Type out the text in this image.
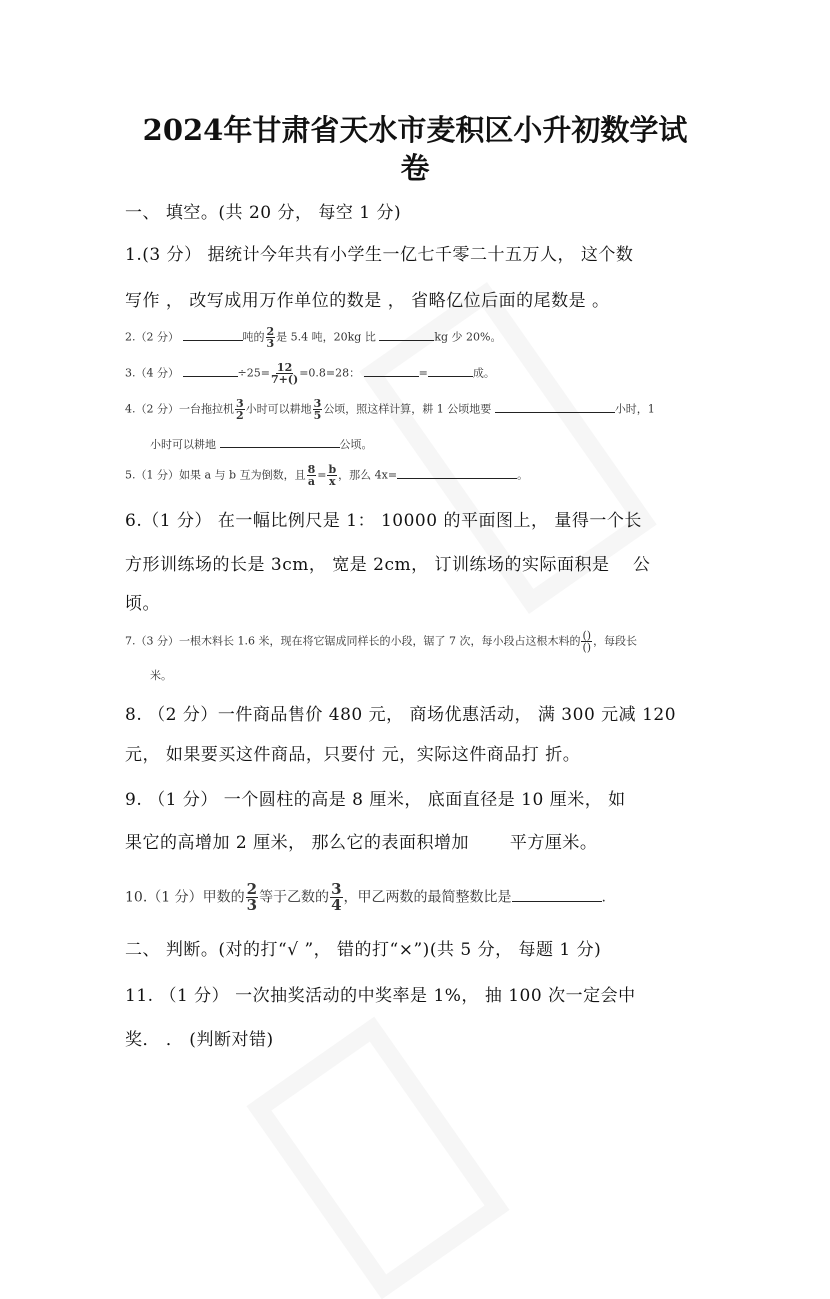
2024年甘肃省天水市麦积区小升初数学试
卷
一、 填空。(共 20 分， 每空 1 分)
1.(3 分） 据统计今年共有小学生一亿七千零二十五万人， 这个数
写作 ， 改写成用万作单位的数是 ， 省略亿位后面的尾数是 。
2.（2 分）	吨的 $\frac{2}{3}$ 是 5.4 吨，20kg 比	kg 少 20%。
3.（4 分）	$\div 25= \frac{12}{7+()} =0.8=28$：	=	成。
4.（2 分）一台拖拉机 $\frac{3}{2}$ 小时可以耕地 $\frac{3}{5}$ 公顷，照这样计算，耕 1 公顷地要	小时，1
小时可以耕地	公顷。
5.（1 分）如果 a 与 b 互为倒数，且 $\frac{8}{a} = \frac{b}{x}$ ，那么 4x=	。
6.（1 分） 在一幅比例尺是 1： 10000 的平面图上， 量得一个长
方形训练场的长是 3cm， 宽是 2cm， 订训练场的实际面积是　 公
顷。
7.（3 分）一根木料长 1.6 米，现在将它锯成同样长的小段，锯了 7 次，每小段占这根木料的 $\frac{()}{()}$ ，每段长
米。
8. （2 分）一件商品售价 480 元， 商场优惠活动， 满 300 元减 120
元， 如果要买这件商品，只要付 元，实际这件商品打 折。
9. （1 分） 一个圆柱的高是 8 厘米， 底面直径是 10 厘米， 如
果它的高增加 2 厘米， 那么它的表面积增加　　 平方厘米。
10.（1 分）甲数的 $\frac{2}{3}$ 等于乙数的 $\frac{3}{4}$ ，甲乙两数的最简整数比是	.
二、 判断。(对的打“√ ”， 错的打“×”)(共 5 分， 每题 1 分)
11. （1 分） 一次抽奖活动的中奖率是 1%， 抽 100 次一定会中
奖． ． (判断对错)
